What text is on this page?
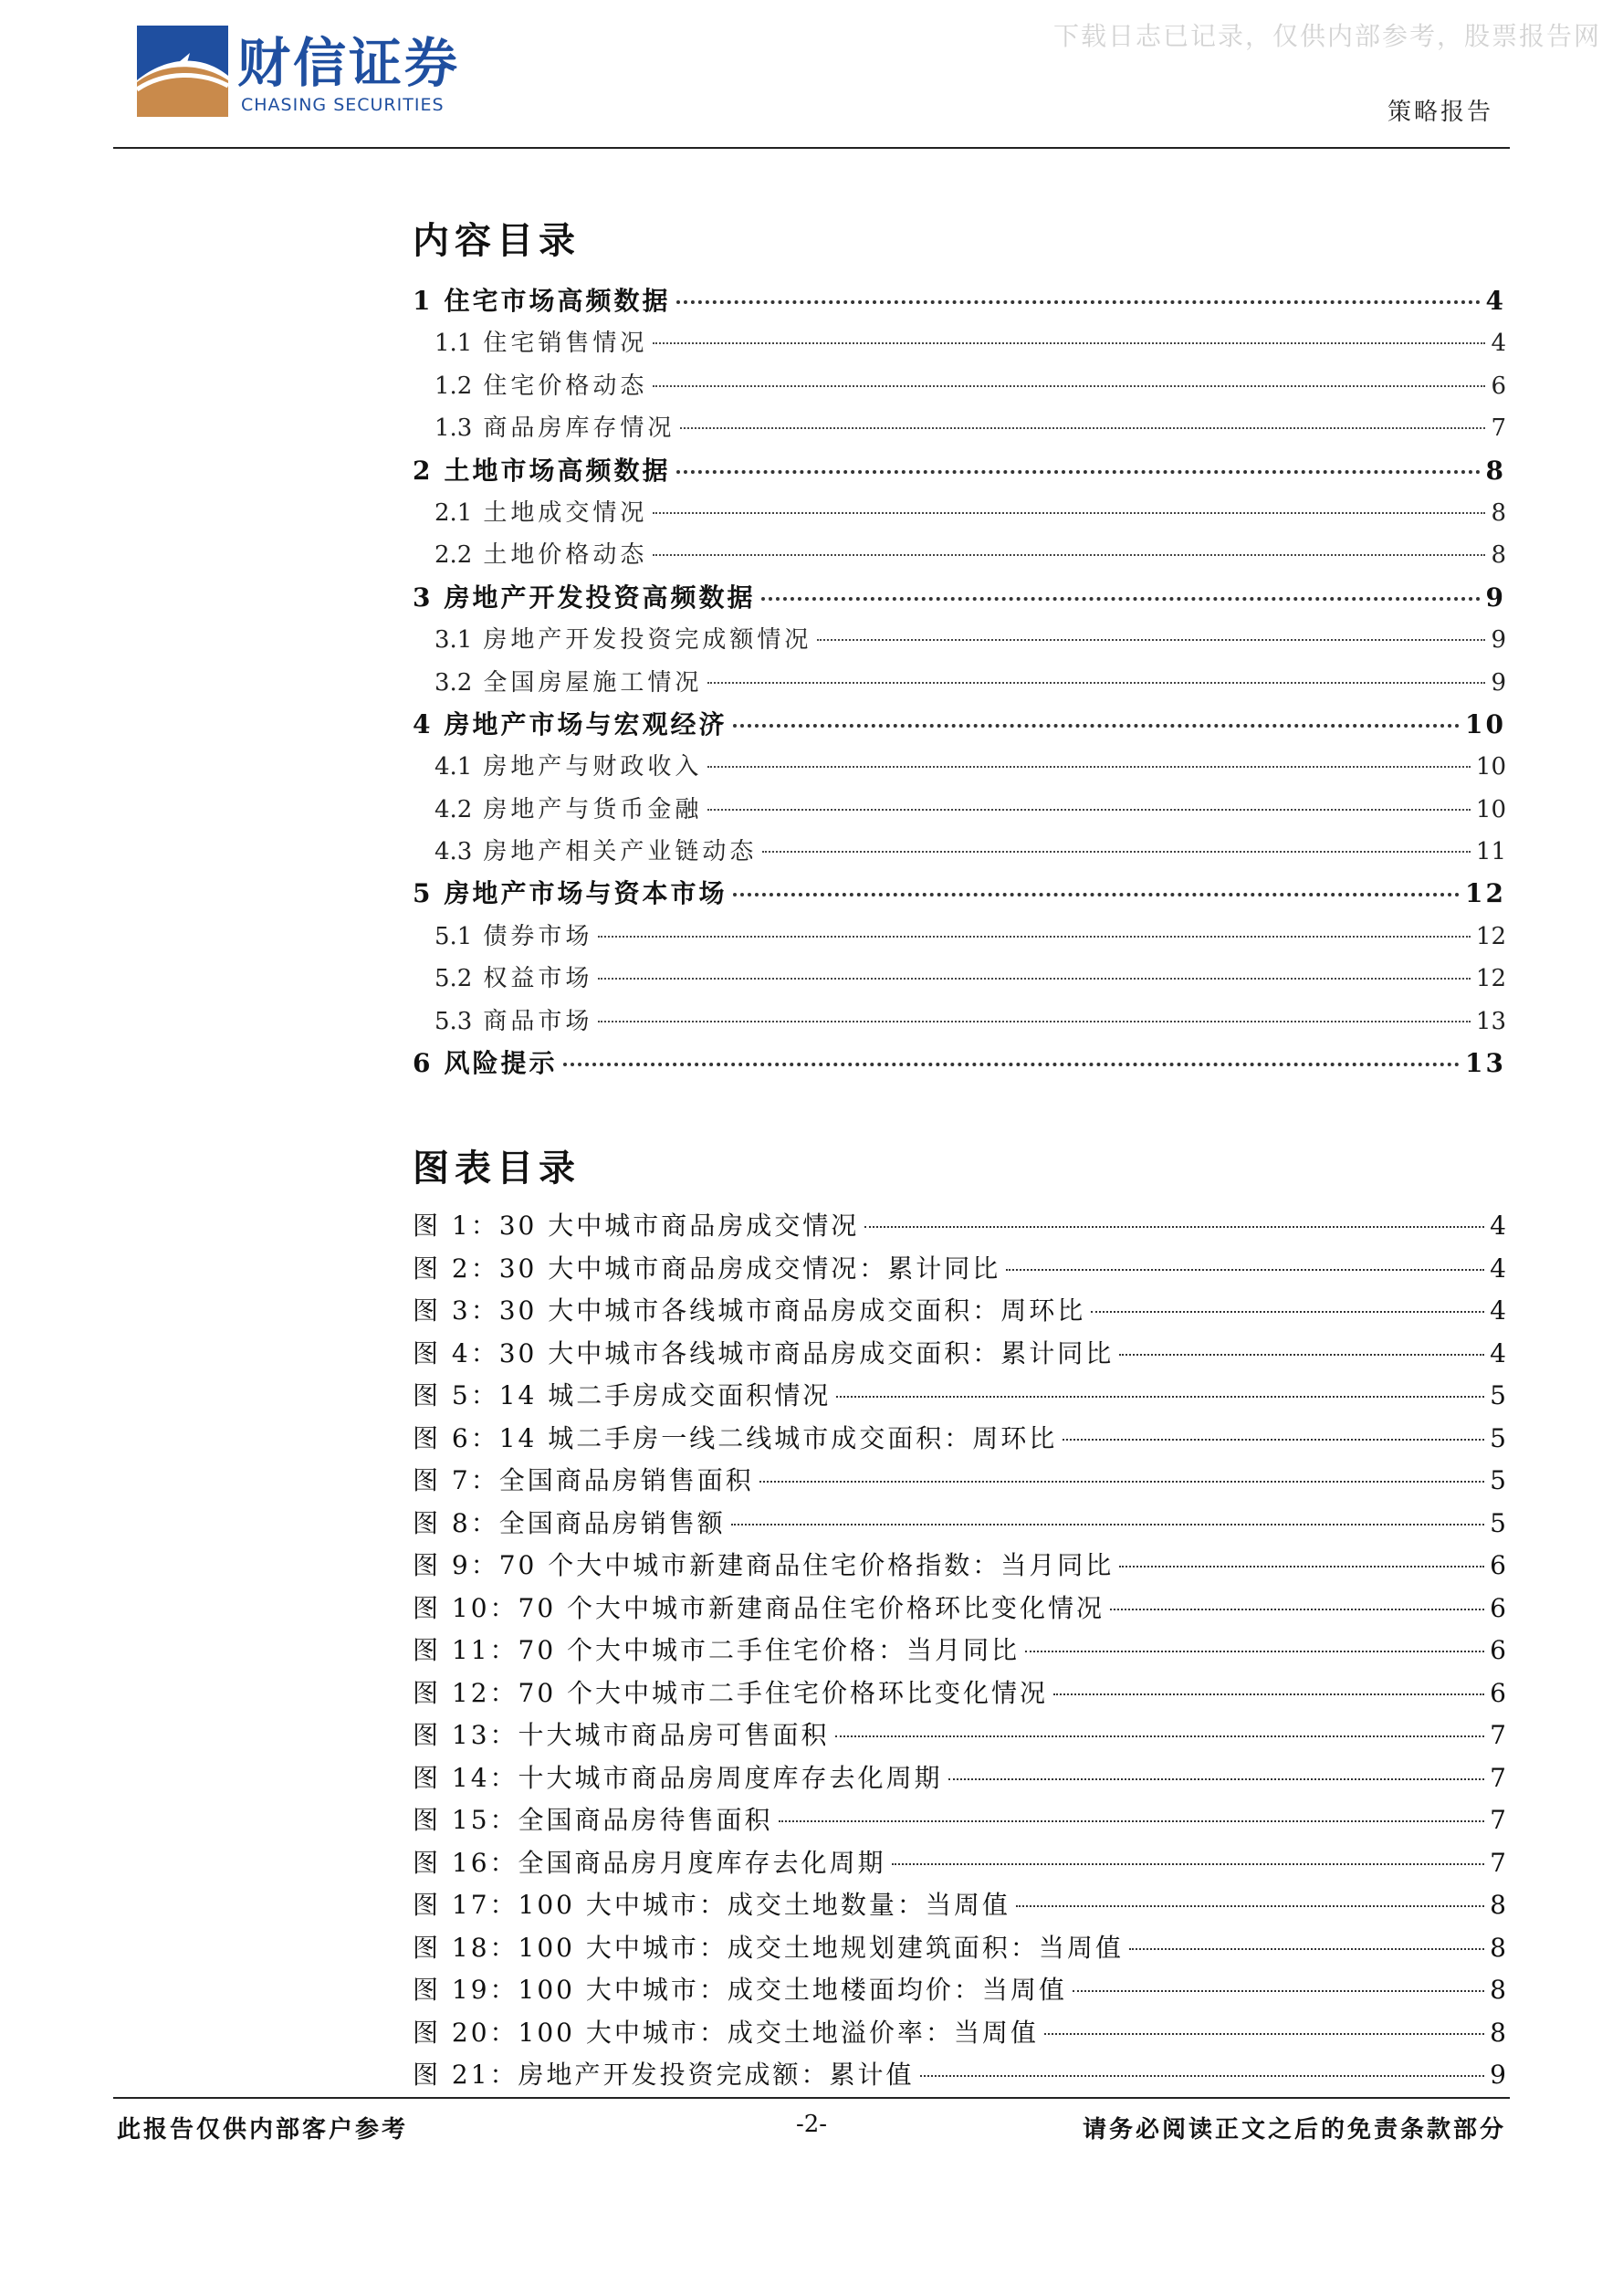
下载日志已记录，仅供内部参考，股票报告网
财信证券
CHASING SECURITIES	策略报告
内容目录
1 住宅市场高频数据	4
1.1 住宅销售情况	4
1.2 住宅价格动态	6
1.3 商品房库存情况	7
2 土地市场高频数据	8
2.1 土地成交情况	8
2.2 土地价格动态	8
3 房地产开发投资高频数据	9
3.1 房地产开发投资完成额情况	9
3.2 全国房屋施工情况	9
4 房地产市场与宏观经济	10
4.1 房地产与财政收入	10
4.2 房地产与货币金融	10
4.3 房地产相关产业链动态	11
5 房地产市场与资本市场	12
5.1 债券市场	12
5.2 权益市场	12
5.3 商品市场	13
6 风险提示	13
图表目录
图 1：30 大中城市商品房成交情况	4
图 2：30 大中城市商品房成交情况：累计同比	4
图 3：30 大中城市各线城市商品房成交面积：周环比	4
图 4：30 大中城市各线城市商品房成交面积：累计同比	4
图 5：14 城二手房成交面积情况	5
图 6：14 城二手房一线二线城市成交面积：周环比	5
图 7：全国商品房销售面积	5
图 8：全国商品房销售额	5
图 9：70 个大中城市新建商品住宅价格指数：当月同比	6
图 10：70 个大中城市新建商品住宅价格环比变化情况	6
图 11：70 个大中城市二手住宅价格：当月同比	6
图 12：70 个大中城市二手住宅价格环比变化情况	6
图 13：十大城市商品房可售面积	7
图 14：十大城市商品房周度库存去化周期	7
图 15：全国商品房待售面积	7
图 16：全国商品房月度库存去化周期	7
图 17：100 大中城市：成交土地数量：当周值	8
图 18：100 大中城市：成交土地规划建筑面积：当周值	8
图 19：100 大中城市：成交土地楼面均价：当周值	8
图 20：100 大中城市：成交土地溢价率：当周值	8
图 21：房地产开发投资完成额：累计值	9
此报告仅供内部客户参考	-2-	请务必阅读正文之后的免责条款部分
